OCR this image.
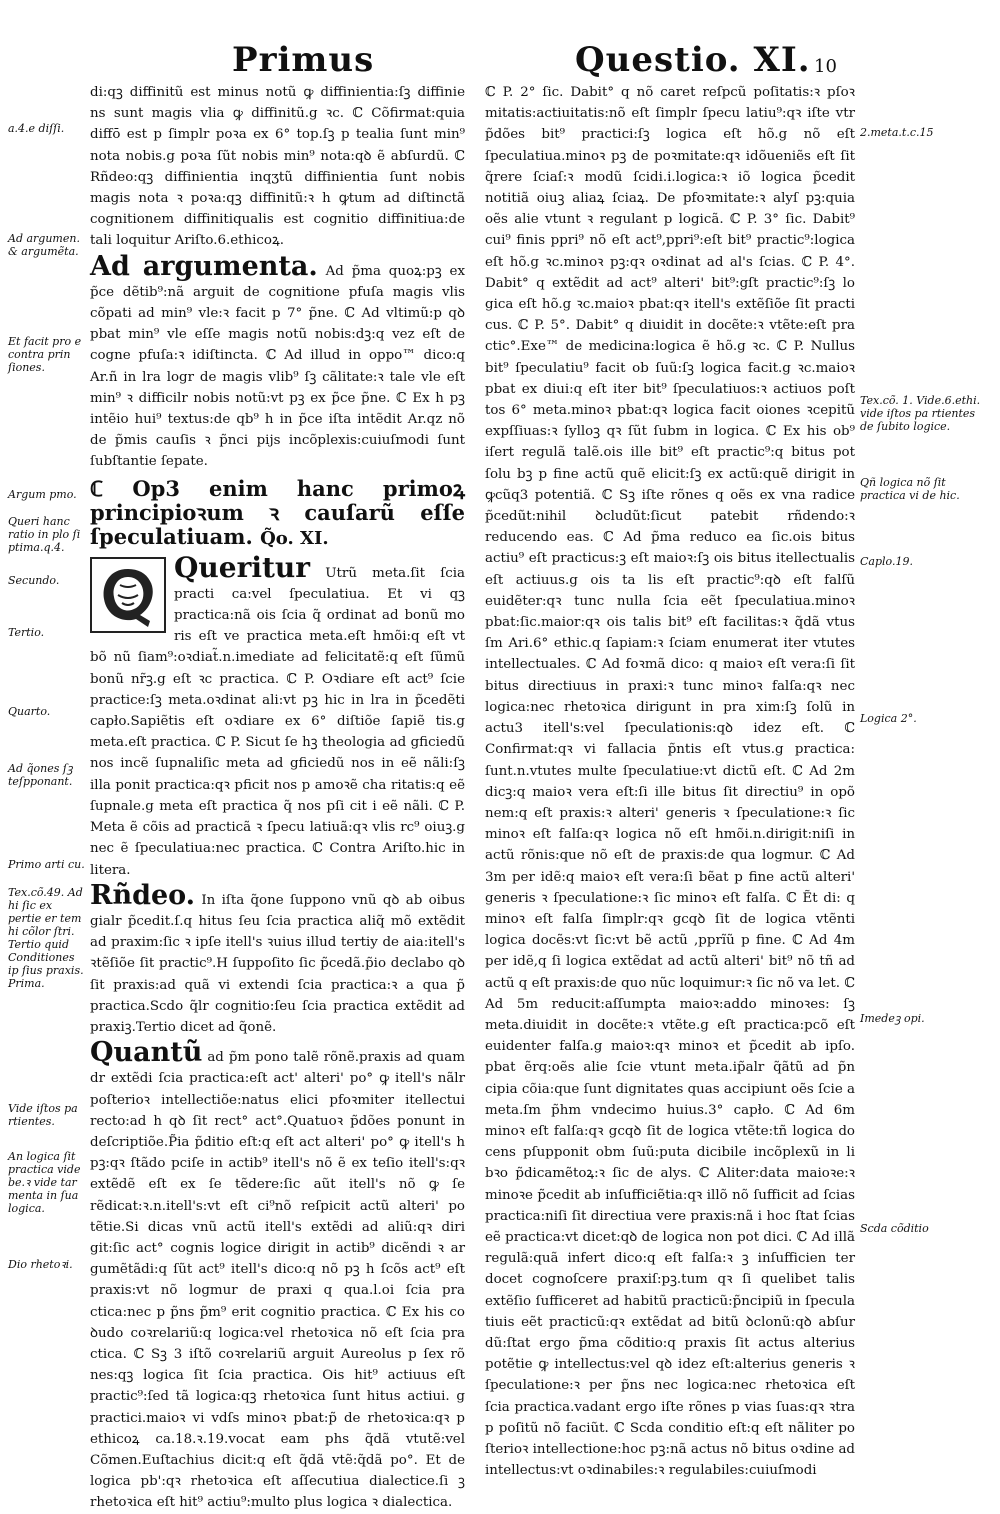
Primus	Questio. XI. 10
a.4.e diſſi.
Ad argumen. & argumẽta.
Et facit pro e contra prin ſiones.
Argum pmo.
Queri hanc ratio in plo ſi ptima.q.4.
Secundo.
Tertio.
Quarto.
Ad q̃ones ſꝫ teſpponant.
Primo arti cu.
Tex.cõ.49. Ad hi ſic ex pertie er tem hi cõlor ſtri. Tertio quid Conditiones ip ſius praxis. Prima.
Vide iſtos pa rtientes.
An logica ſit practica vide be.ꝛ vide tar menta in ſua logica.
Dio rhetoꝛi.
2.meta.t.c.15
Tex.cõ. 1. Vide.6.ethi. vide iſtos pa rtientes de ſubito logice.
Qñ logica nõ ſit practica vi de hic.
Caplo.19.
Logica 2°.
Imedeꝫ opi.
Scda cõditio

di:qꝫ diffinitũ est minus notũ ꝙ diffinientia:ſꝫ diffinie ns sunt magis vlia ꝙ diffinitũ.g ꝛc. ℂ Cõfirmat:quia diffō est p ſimplr poꝛa ex 6° top.ſꝫ p tealia ſunt min⁹ nota nobis.g poꝛa ſũt nobis min⁹ nota:qꝺ ẽ abſurdũ. ℂ Rñdeo:qꝫ diffinientia inqʒtũ diffinientia ſunt nobis magis nota ꝛ poꝛa:qꝫ diffinitũ:ꝛ h ꝙtum ad diſtinctã cognitionem diffinitiqualis est cognitio diffinitiua:de tali loquitur Ariſto.6.ethicoꝝ.

Ad argumenta. Ad p̃ma quoꝝ:pꝫ ex p̃ce dẽtib⁹:nã arguit de cognitione pfuſa magis vlis cõpati ad min⁹ vle:ꝛ facit p 7° p̃ne. ℂ Ad vltimũ:p qꝺ pbat min⁹ vle eſſe magis notũ nobis:dꝫ:q vez eſt de cogne pfuſa:ꝛ idiſtincta. ℂ Ad illud in oppo™ dico:q Ar.ñ in lra logr de magis vlib⁹ ſꝫ cãlitate:ꝛ tale vle eſt min⁹ ꝛ difficilr nobis notũ:vt pꝫ ex p̃ce p̃ne. ℂ Ex h pꝫ intẽio hui⁹ textus:de qb⁹ h in p̃ce iſta intẽdit Ar.qz nõ de p̃mis cauſis ꝛ p̃nci pijs incõplexis:cuiuſmodi ſunt ſubſtantie ſepate.

ℂ Op3 enim hanc primoꝝ principioꝛum ꝛ cauſarũ eſſe ſpeculatiuam. Q̃o. XI.

Queritur Utrũ meta.ſit ſcia practi ca:vel ſpeculatiua. Et vi qꝫ practica:nã ois ſcia q̃ ordinat ad bonũ mo ris eſt ve practica meta.eſt hmõi:q eſt vt bõ nũ ſiam⁹:oꝛdiat̃.n.imediate ad felicitatẽ:q eſt ſũmũ bonũ nr̃ꝫ.g eſt ꝛc practica. ℂ P. Oꝛdiare eſt act⁹ ſcie practice:ſꝫ meta.oꝛdinat ali:vt pꝫ hic in lra in p̃cedẽti capło.Sapiẽtis eſt oꝛdiare ex 6° diſtiõe ſapiẽ tis.g meta.eſt practica. ℂ P. Sicut ſe hꝫ theologia ad gficiedũ nos incẽ ſupnaliſic meta ad gficiedũ nos in eẽ nãli:ſꝫ illa ponit practica:qꝛ pficit nos p amoꝛẽ cha ritatis:q eẽ ſupnale.g meta eſt practica q̃ nos pſi cit i eẽ nãli. ℂ P. Meta ẽ cõis ad practicã ꝛ ſpecu latiuã:qꝛ vlis rc⁹ oiuꝫ.g nec ẽ ſpeculatiua:nec practica. ℂ Contra Ariſto.hic in litera.

Rñdeo. In iſta q̃one ſuppono vnũ qꝺ ab oibus gialr p̃cedit.ſ.q hitus ſeu ſcia practica aliq̃ mõ extẽdit ad praxim:ſic ꝛ ipſe itell's ꝛuius illud tertiy de aia:itell's ꝛtẽſiõe ſit practic⁹.H ſuppoſito ſic p̃cedã.p̃io declabo qꝺ ſit praxis:ad quã vi extendi ſcia practica:ꝛ a qua p̃ practica.Scdo q̃lr cognitio:ſeu ſcia practica extẽdit ad praxiꝫ.Tertio dicet ad q̃onẽ.

Quantũ ad p̃m pono talẽ rõnẽ.praxis ad quam dr extẽdi ſcia practica:eſt act' alteri' po° ꝙ itell's nãlr poſterioꝛ intellectiõe:natus elici pfoꝛmiter itellectui recto:ad h qꝺ ſit rect° act°.Quatuoꝛ p̃dões ponunt in deſcriptiõe.P̃ia p̃ditio eſt:q eſt act alteri' po° ꝙ itell's h pꝫ:qꝛ ſtãdo pciſe in actib⁹ itell's nõ ẽ ex teſio itell's:qꝛ extẽdẽ eſt ex ſe tẽdere:ſic aũt itell's nõ ꝙ ſe rẽdicat:ꝛ.n.itell's:vt eſt ci⁹nõ reſpicit actũ alteri' po tẽtie.Si dicas vnũ actũ itell's extẽdi ad aliũ:qꝛ diri git:ſic act° cognis logice dirigit in actib⁹ dicẽndi ꝛ ar gumẽtãdi:q ſũt act⁹ itell's dico:q nõ pꝫ h ſcõs act⁹ eſt praxis:vt nõ logmur de praxi q qua.l.oi ſcia pra ctica:nec p p̃ns p̃m⁹ erit cognitio practica. ℂ Ex his co ꝺudo coꝛrelariũ:q logica:vel rhetoꝛica nõ eſt ſcia pra ctica. ℂ Sꝫ 3 iſtõ coꝛrelariũ arguit Aureolus p ſex rõ nes:qꝫ logica ſit ſcia practica. Ois hit⁹ actiuus eſt practic⁹:ſed tã logica:qꝫ rhetoꝛica ſunt hitus actiui. g practici.maioꝛ vi vdſs minoꝛ pbat:p̃ de rhetoꝛica:qꝛ p ethicoꝝ ca.18.ꝛ.19.vocat eam phs q̃dã vtutẽ:vel Cõmen.Euſtachius dicit:q eſt q̃dã vtẽ:q̃dã po°. Et de logica pb':qꝛ rhetoꝛica eſt aſſecutiua dialectice.ſi ꝫ rhetoꝛica eſt hit⁹ actiu⁹:multo plus logica ꝛ dialectica.

ℂ P. 2° ſic. Dabit° q nõ caret reſpcũ poſitatis:ꝛ pſoꝛ mitatis:actiuitatis:nõ eſt ſimplr ſpecu latiu⁹:qꝛ iſte vtr p̃dões bit⁹ practici:ſꝫ logica eſt hõ.g nõ eſt ſpeculatiua.minoꝛ pꝫ de poꝛmitate:qꝛ idõueniẽs eſt ſit q̃rere ſciaſ:ꝛ modũ ſcidi.i.logica:ꝛ iõ logica p̃cedit notitiã oiuꝫ aliaꝝ ſciaꝝ. De pfoꝛmitate:ꝛ alyſ pꝫ:quia oẽs alie vtunt ꝛ regulant p logicã. ℂ P. 3° ſic. Dabit⁹ cui⁹ finis ppri⁹ nõ eſt act⁹,ppri⁹:eſt bit⁹ practic⁹:logica eſt hõ.g ꝛc.minoꝛ pꝫ:qꝛ oꝛdinat ad al's ſcias. ℂ P. 4°. Dabit° q extẽdit ad act⁹ alteri' bit⁹:gſt practic⁹:ſꝫ lo gica eſt hõ.g ꝛc.maioꝛ pbat:qꝛ itell's extẽſiõe ſit practi cus. ℂ P. 5°. Dabit° q diuidit in docẽte:ꝛ vtẽte:eſt pra ctic°.Exe™ de medicina:logica ẽ hõ.g ꝛc. ℂ P. Nullus bit⁹ ſpeculatiu⁹ facit ob ſuũ:ſꝫ logica facit.g ꝛc.maioꝛ pbat ex diui:q eſt iter bit⁹ ſpeculatiuos:ꝛ actiuos poſt tos 6° meta.minoꝛ pbat:qꝛ logica facit oiones ꝛcepitũ expſſiuas:ꝛ ſylloꝫ qꝛ ſũt ſubm in logica. ℂ Ex his ob⁹ iſert regulã talẽ.ois ille bit⁹ eſt practic⁹:q bitus pot ſolu bꝫ p fine actũ quẽ elicit:ſꝫ ex actũ:quẽ dirigit in ꝙcũq3 potentiã. ℂ Sꝫ iſte rõnes q oẽs ex vna radice p̃cedũt:nihil ꝺcludũt:ſicut patebit rñdendo:ꝛ reducendo eas. ℂ Ad p̃ma reduco ea ſic.ois bitus actiu⁹ eſt practicus:ꝫ eſt maioꝛ:ſꝫ ois bitus itellectualis eſt actiuus.g ois ta lis eſt practic⁹:qꝺ eſt falſũ euidẽter:qꝛ tunc nulla ſcia eẽt ſpeculatiua.minoꝛ pbat:ſic.maior:qꝛ ois talis bit⁹ eſt facilitas:ꝛ q̃dã vtus ſm Ari.6° ethic.q ſapiam:ꝛ ſciam enumerat iter vtutes intellectuales. ℂ Ad foꝛmã dico: q maioꝛ eſt vera:ſi ſit bitus directiuus in praxi:ꝛ tunc minoꝛ falſa:qꝛ nec logica:nec rhetoꝛica dirigunt in pra xim:ſꝫ ſolũ in actu3 itell's:vel ſpeculationis:qꝺ idez eſt. ℂ Confirmat:qꝛ vi fallacia p̃ntis eſt vtus.g practica: ſunt.n.vtutes multe ſpeculatiue:vt dictũ eſt. ℂ Ad 2m dicꝫ:q maioꝛ vera eſt:ſi ille bitus ſit directiu⁹ in opõ nem:q eſt praxis:ꝛ alteri' generis ꝛ ſpeculatione:ꝛ ſic minoꝛ eſt falſa:qꝛ logica nõ eſt hmõi.n.dirigit:niſi in actũ rõnis:que nõ eſt de praxis:de qua logmur. ℂ Ad 3m per idẽ:q maioꝛ eſt vera:ſi bẽat p fine actũ alteri' generis ꝛ ſpeculatione:ꝛ ſic minoꝛ eſt falſa. ℂ Ẽt di: q minoꝛ eſt falſa ſimplr:qꝛ gcqꝺ ſit de logica vtẽnti logica docẽs:vt ſic:vt bẽ actũ ,pprĩũ p fine. ℂ Ad 4m per idẽ,q ſi logica extẽdat ad actũ alteri' bit⁹ nõ tñ ad actũ q eſt praxis:de quo nũc loquimur:ꝛ ſic nõ va let. ℂ Ad 5m reducit:aſſumpta maioꝛ:addo minoꝛes: ſꝫ meta.diuidit in docẽte:ꝛ vtẽte.g eſt practica:pcõ eſt euidenter falſa.g maioꝛ:qꝛ minoꝛ et p̃cedit ab ipſo. pbat ẽrq:oẽs alie ſcie vtunt meta.ip̃alr q̃ãtũ ad p̃n cipia cõia:que ſunt dignitates quas accipiunt oẽs ſcie a meta.ſm p̃hm vndecimo huius.3° capło. ℂ Ad 6m minoꝛ eſt falſa:qꝛ gcqꝺ ſit de logica vtẽte:tñ logica do cens pſupponit obm ſuũ:puta dicibile incõplexũ in li bꝛo p̃dicamẽtoꝝ:ꝛ ſic de alys. ℂ Aliter:data maioꝛe:ꝛ minoꝛe p̃cedit ab inſufficiẽtia:qꝛ illõ nõ ſufficit ad ſcias practica:niſi ſit directiua vere praxis:nã i hoc ſtat ſcias eẽ practica:vt dicet:qꝺ de logica non pot dici. ℂ Ad illã regulã:quã infert dico:q eſt falſa:ꝛ ꝫ inſufficien ter docet cognoſcere praxiſ:pꝫ.tum qꝛ ſi quelibet talis extẽſio ſufficeret ad habitũ practicũ:p̃ncipiũ in ſpecula tiuis eẽt practicũ:qꝛ extẽdat ad bitũ ꝺclonũ:qꝺ abſur dũ:ſtat ergo p̃ma cõditio:q praxis ſit actus alterius potẽtie ꝙ intellectus:vel qꝺ idez eſt:alterius generis ꝛ ſpeculatione:ꝛ per p̃ns nec logica:nec rhetoꝛica eſt ſcia practica.vadant ergo iſte rõnes p vias ſuas:qꝛ ꝛtra p poſitũ nõ faciũt. ℂ Scda conditio eſt:q eſt nãliter po ſterioꝛ intellectione:hoc pꝫ:nã actus nõ bitus oꝛdine ad intellectus:vt oꝛdinabiles:ꝛ regulabiles:cuiuſmodi
